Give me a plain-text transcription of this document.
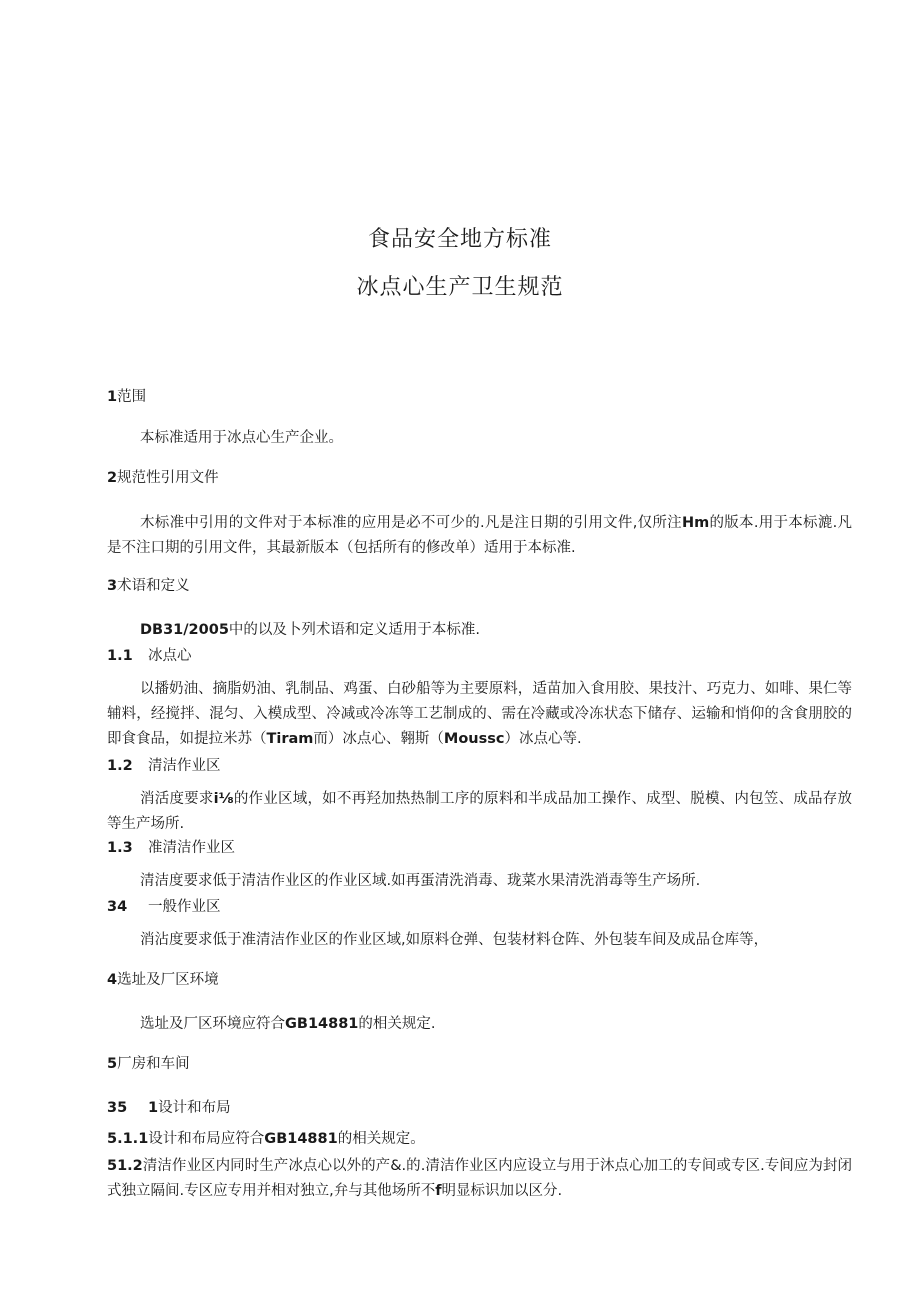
食品安全地方标准
冰点心生产卫生规范
1范围
本标准适用于冰点心生产企业。
2规范性引用文件
木标准中引用的文件对于本标准的应用是必不可少的.凡是注日期的引用文件,仅所注Hm的版本.用于本标漉.凡是不注口期的引用文件，其最新版本（包括所有的修改单）适用于本标准.
3术语和定义
DB31/2005中的以及卜列术语和定义适用于本标准.
1.1 冰点心
以播奶油、摘脂奶油、乳制品、鸡蛋、白砂船等为主要原料，适苗加入食用胶、果技汁、巧克力、如啡、果仁等辅料，经搅拌、混匀、入模成型、冷减或冷冻等工艺制成的、需在冷藏或冷冻状态下储存、运输和悄仰的含食朋胶的即食食品，如提拉米苏（Tiram而）冰点心、翱斯（Moussc）冰点心等.
1.2 清洁作业区
消活度要求i⅛的作业区域，如不再羟加热热制工序的原料和半成品加工操作、成型、脱模、内包笠、成品存放等生产场所.
1.3 准清洁作业区
清洁度要求低于清洁作业区的作业区域.如再蛋清洗消毒、珑菜水果清洗消毒等生产场所.
34 一般作业区
消沾度要求低于准清洁作业区的作业区域,如原料仓弹、包装材料仓阵、外包装车间及成品仓库等，
4选址及厂区环境
选址及厂区环境应符合GB14881的相关规定.
5厂房和车间
35 1设计和布局
5.1.1设计和布局应符合GB14881的相关规定。
51.2清洁作业区内同时生产冰点心以外的产&.的.清洁作业区内应设立与用于沐点心加工的专间或专区.专间应为封闭式独立隔间.专区应专用并相对独立,弁与其他场所不f明显标识加以区分.
